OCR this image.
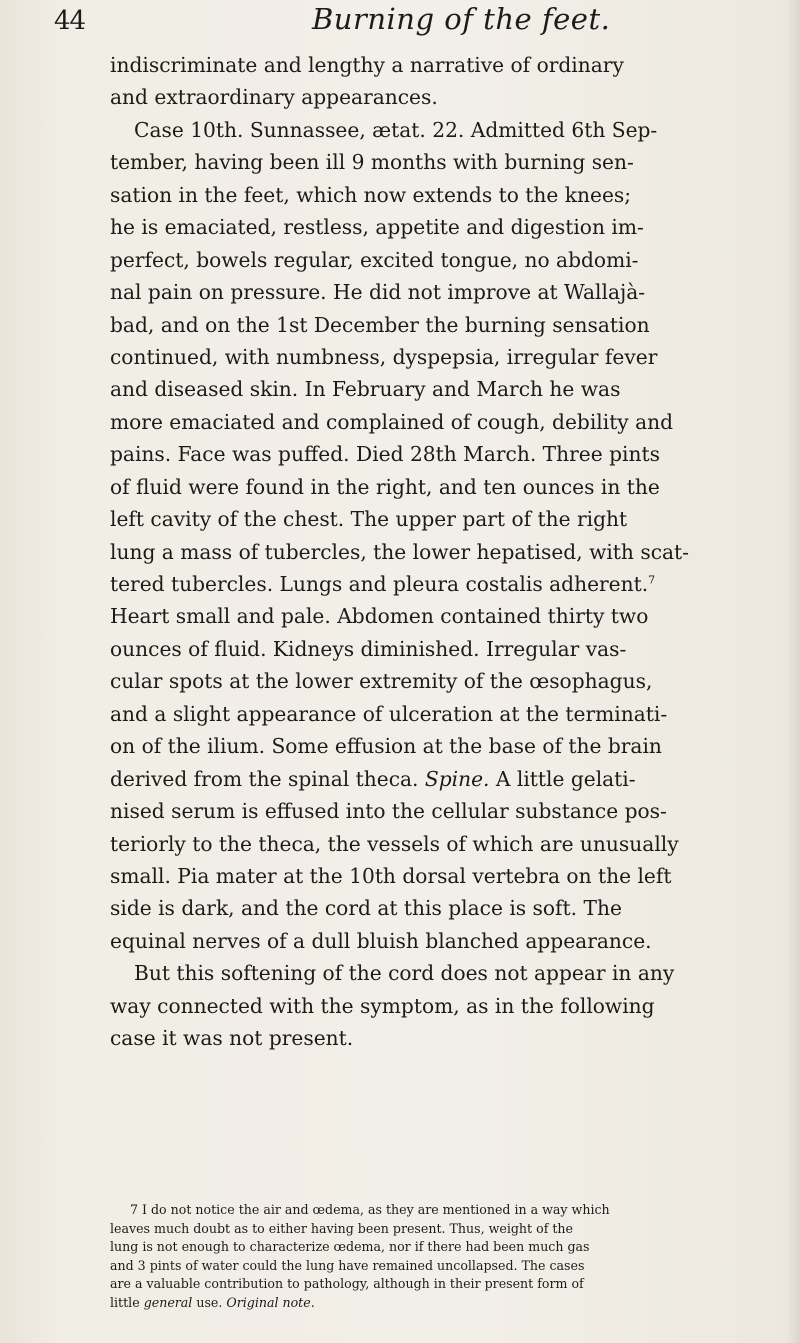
44	Burning of the feet.
indiscriminate and lengthy a narrative of ordinary
and extraordinary appearances.
Case 10th. Sunnassee, ætat. 22. Admitted 6th Sep-
tember, having been ill 9 months with burning sen-
sation in the feet, which now extends to the knees;
he is emaciated, restless, appetite and digestion im-
perfect, bowels regular, excited tongue, no abdomi-
nal pain on pressure. He did not improve at Wallajà-
bad, and on the 1st December the burning sensation
continued, with numbness, dyspepsia, irregular fever
and diseased skin. In February and March he was
more emaciated and complained of cough, debility and
pains. Face was puffed. Died 28th March. Three pints
of fluid were found in the right, and ten ounces in the
left cavity of the chest. The upper part of the right
lung a mass of tubercles, the lower hepatised, with scat-
tered tubercles. Lungs and pleura costalis adherent.$^7$
Heart small and pale. Abdomen contained thirty two
ounces of fluid. Kidneys diminished. Irregular vas-
cular spots at the lower extremity of the œsophagus,
and a slight appearance of ulceration at the terminati-
on of the ilium. Some effusion at the base of the brain
derived from the spinal theca. Spine. A little gelati-
nised serum is effused into the cellular substance pos-
teriorly to the theca, the vessels of which are unusually
small. Pia mater at the 10th dorsal vertebra on the left
side is dark, and the cord at this place is soft. The
equinal nerves of a dull bluish blanched appearance.
But this softening of the cord does not appear in any
way connected with the symptom, as in the following
case it was not present.
7 I do not notice the air and œdema, as they are mentioned in a way which
leaves much doubt as to either having been present. Thus, weight of the
lung is not enough to characterize œdema, nor if there had been much gas
and 3 pints of water could the lung have remained uncollapsed. The cases
are a valuable contribution to pathology, although in their present form of
little general use. Original note.
